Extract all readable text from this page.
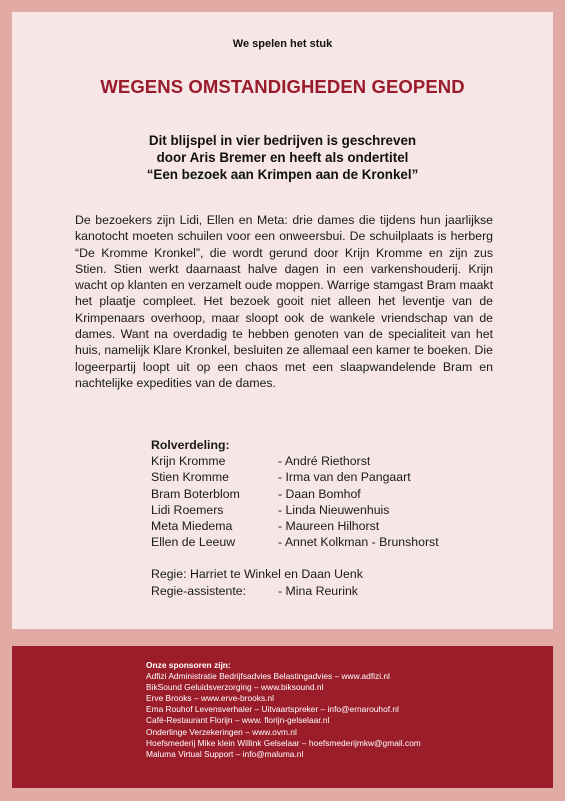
We spelen het stuk
WEGENS OMSTANDIGHEDEN GEOPEND
Dit blijspel in vier bedrijven is geschreven
door Aris Bremer en heeft als ondertitel
“Een bezoek aan Krimpen aan de Kronkel”

De bezoekers zijn Lidi, Ellen en Meta: drie dames die tijdens hun jaarlijkse kanotocht moeten schuilen voor een onweersbui. De schuilplaats is herberg “De Kromme Kronkel”, die wordt gerund door Krijn Kromme en zijn zus Stien. Stien werkt daarnaast halve dagen in een varkenshouderij. Krijn wacht op klanten en verzamelt oude moppen. Warrige stamgast Bram maakt het plaatje compleet. Het bezoek gooit niet alleen het leventje van de Krimpenaars overhoop, maar sloopt ook de wankele vriendschap van de dames. Want na overdadig te hebben genoten van de specialiteit van het huis, namelijk Klare Kronkel, besluiten ze allemaal een kamer te boeken. Die logeerpartij loopt uit op een chaos met een slaapwandelende Bram en nachtelijke expedities van de dames.

Rolverdeling:
Krijn Kromme	- André Riethorst
Stien Kromme	- Irma van den Pangaart
Bram Boterblom	- Daan Bomhof
Lidi Roemers	- Linda Nieuwenhuis
Meta Miedema	- Maureen Hilhorst
Ellen de Leeuw	- Annet Kolkman - Brunshorst
Regie: Harriet te Winkel en Daan Uenk
Regie-assistente:	- Mina Reurink
Onze sponsoren zijn:
Adfizi Administratie Bedrijfsadvies Belastingadvies – www.adfizi.nl
BikSound Geluidsverzorging – www.biksound.nl
Erve Brooks – www.erve-brooks.nl
Ema Rouhof Levensverhaler – Uitvaartspreker – info@ernarouhof.nl
Café-Restaurant Florijn – www. florijn-gelselaar.nl
Onderlinge Verzekeringen – www.ovm.nl
Hoefsmederij Mike klein Willink Gelselaar – hoefsmederijmkw@gmail.com
Maluma Virtual Support – info@maluma.nl
